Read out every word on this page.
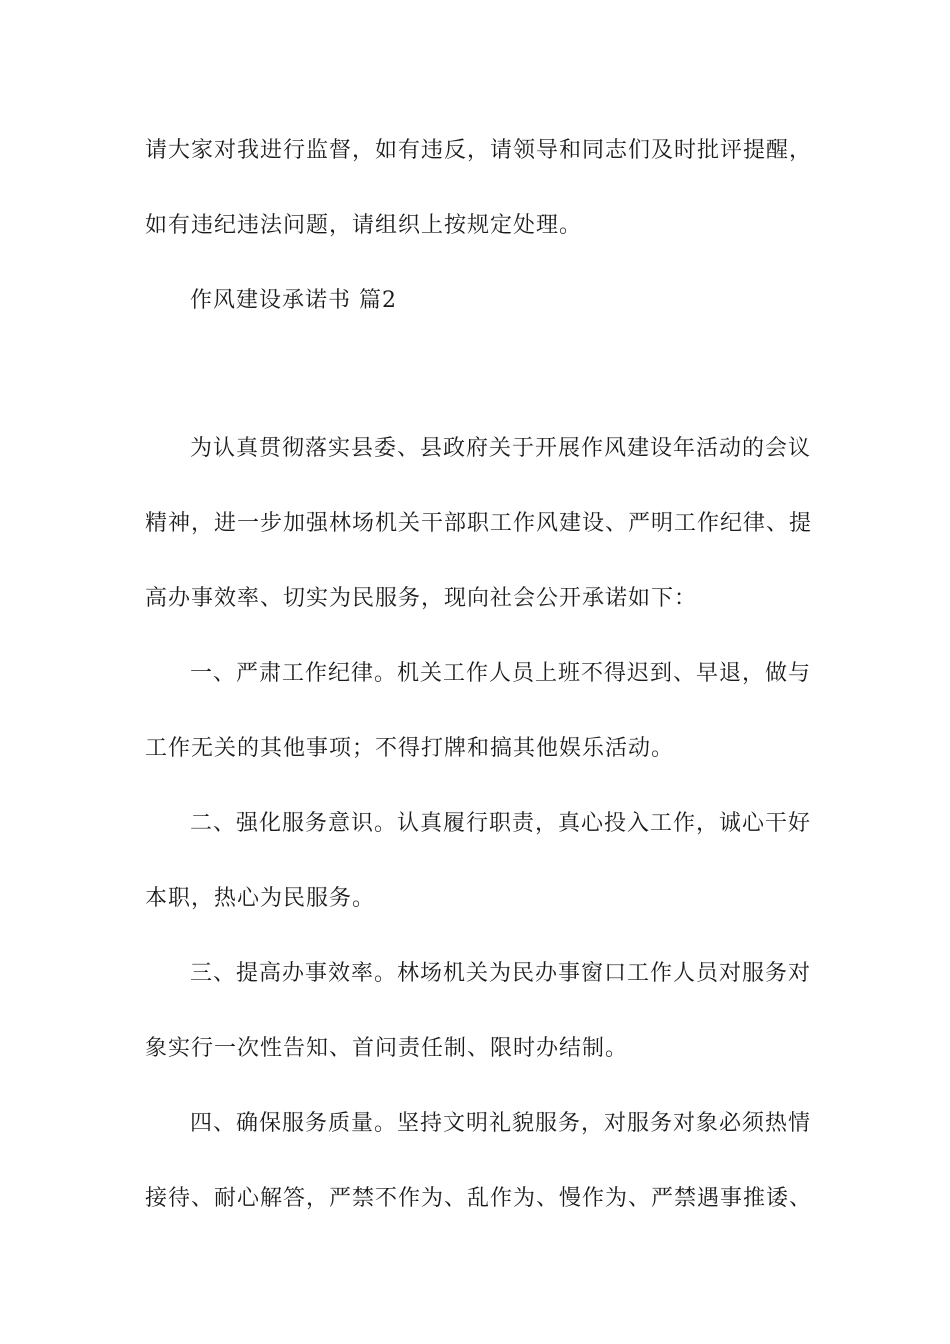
请大家对我进行监督，如有违反，请领导和同志们及时批评提醒，
如有违纪违法问题，请组织上按规定处理。
作风建设承诺书 篇2
为认真贯彻落实县委、县政府关于开展作风建设年活动的会议
精神，进一步加强林场机关干部职工作风建设、严明工作纪律、提
高办事效率、切实为民服务，现向社会公开承诺如下：
一、严肃工作纪律。机关工作人员上班不得迟到、早退，做与
工作无关的其他事项；不得打牌和搞其他娱乐活动。
二、强化服务意识。认真履行职责，真心投入工作，诚心干好
本职，热心为民服务。
三、提高办事效率。林场机关为民办事窗口工作人员对服务对
象实行一次性告知、首问责任制、限时办结制。
四、确保服务质量。坚持文明礼貌服务，对服务对象必须热情
接待、耐心解答，严禁不作为、乱作为、慢作为、严禁遇事推诿、
